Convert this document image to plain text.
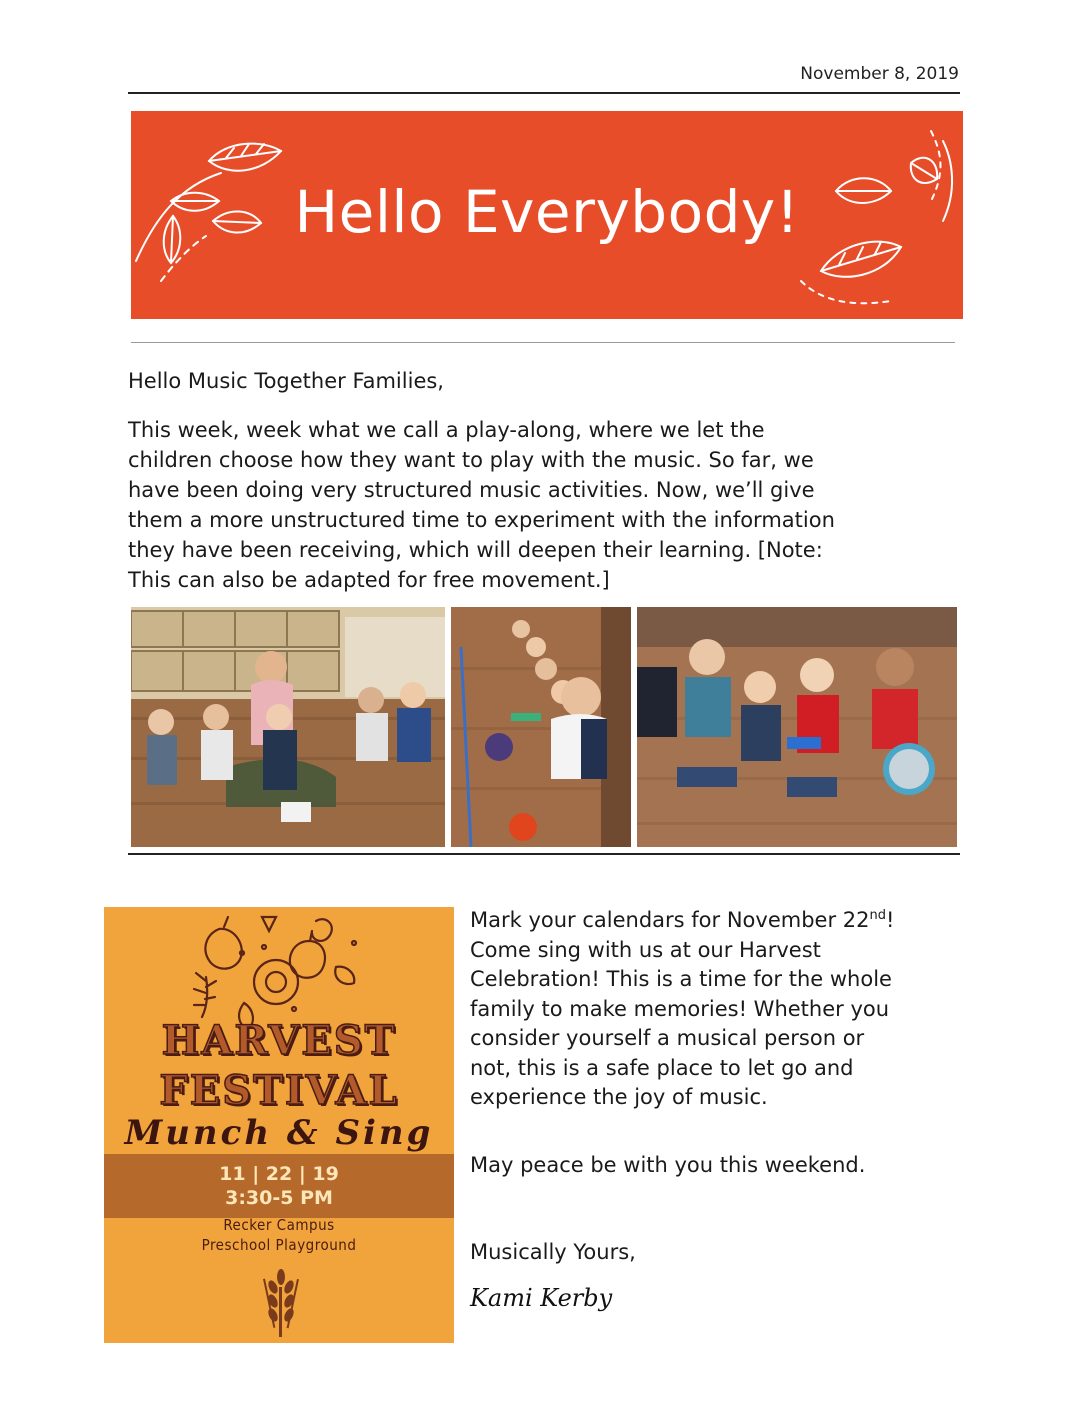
November 8, 2019
Hello Everybody!
Hello Music Together Families,
This week, week what we call a play-along, where we let the
children choose how they want to play with the music. So far, we
have been doing very structured music activities. Now, we’ll give
them a more unstructured time to experiment with the information
they have been receiving, which will deepen their learning. [Note:
This can also be adapted for free movement.]
HARVEST
FESTIVAL
Munch & Sing
11 | 22 | 19
3:30-5 PM
Recker Campus
Preschool Playground
Mark your calendars for November 22nd!
Come sing with us at our Harvest
Celebration! This is a time for the whole
family to make memories! Whether you
consider yourself a musical person or
not, this is a safe place to let go and
experience the joy of music.
May peace be with you this weekend.
Musically Yours,
Kami Kerby
